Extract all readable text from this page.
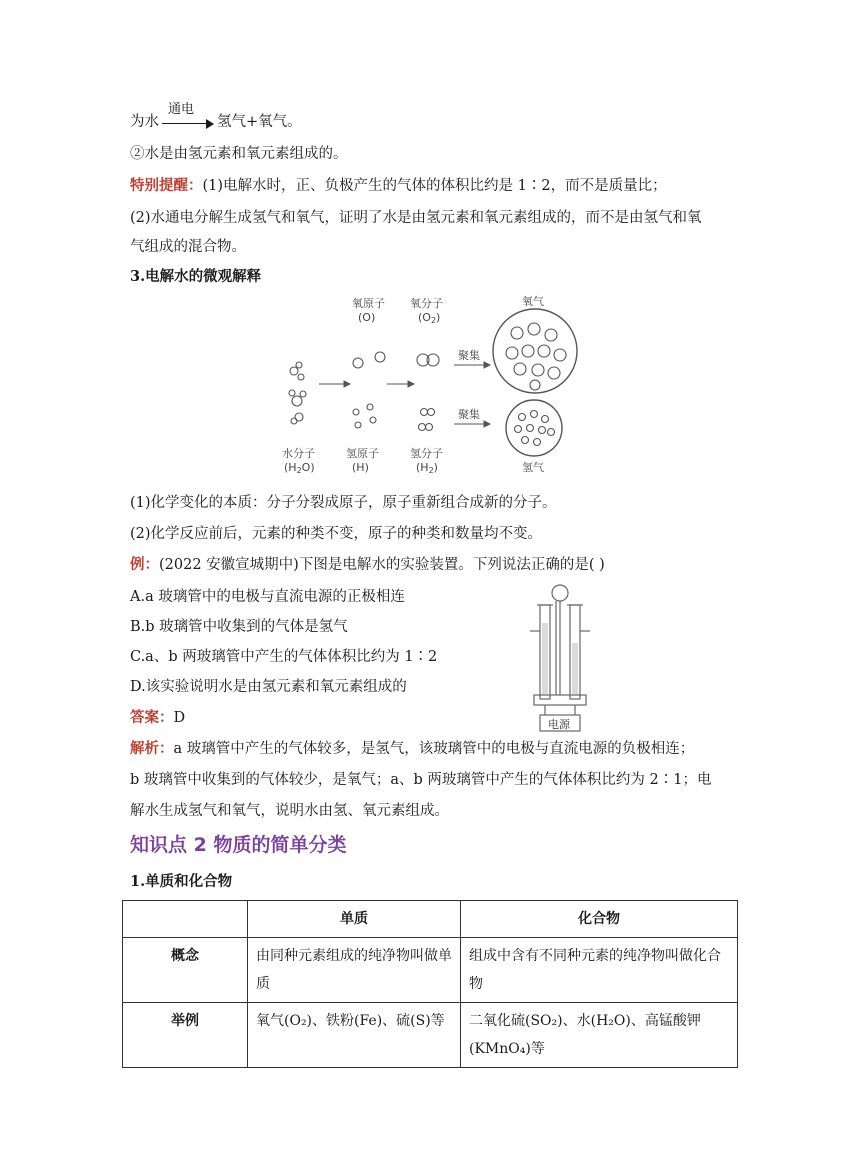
为水
通电
氢气+氧气。
②水是由氢元素和氧元素组成的。
特别提醒：(1)电解水时，正、负极产生的气体的体积比约是 1∶2，而不是质量比；
(2)水通电分解生成氢气和氧气，证明了水是由氢元素和氧元素组成的，而不是由氢气和氧
气组成的混合物。
3.电解水的微观解释
氧原子
(O)
氧分子
(O2)
聚集
聚集
氧气
水分子
(H2O)
氢原子
(H)
氢分子
(H2)	氢气
(1)化学变化的本质：分子分裂成原子，原子重新组合成新的分子。
(2)化学反应前后，元素的种类不变，原子的种类和数量均不变。
例：(2022 安徽宣城期中)下图是电解水的实验装置。下列说法正确的是( )
A.a 玻璃管中的电极与直流电源的正极相连
B.b 玻璃管中收集到的气体是氢气
C.a、b 两玻璃管中产生的气体体积比约为 1∶2
D.该实验说明水是由氢元素和氧元素组成的
电源
答案：D
解析：a 玻璃管中产生的气体较多，是氢气，该玻璃管中的电极与直流电源的负极相连；
b 玻璃管中收集到的气体较少，是氧气；a、b 两玻璃管中产生的气体体积比约为 2∶1；电
解水生成氢气和氧气，说明水由氢、氧元素组成。
知识点 2 物质的简单分类
1.单质和化合物
	单质	化合物
概念	由同种元素组成的纯净物叫做单质	组成中含有不同种元素的纯净物叫做化合物
举例	氧气(O₂)、铁粉(Fe)、硫(S)等	二氧化硫(SO₂)、水(H₂O)、高锰酸钾(KMnO₄)等
